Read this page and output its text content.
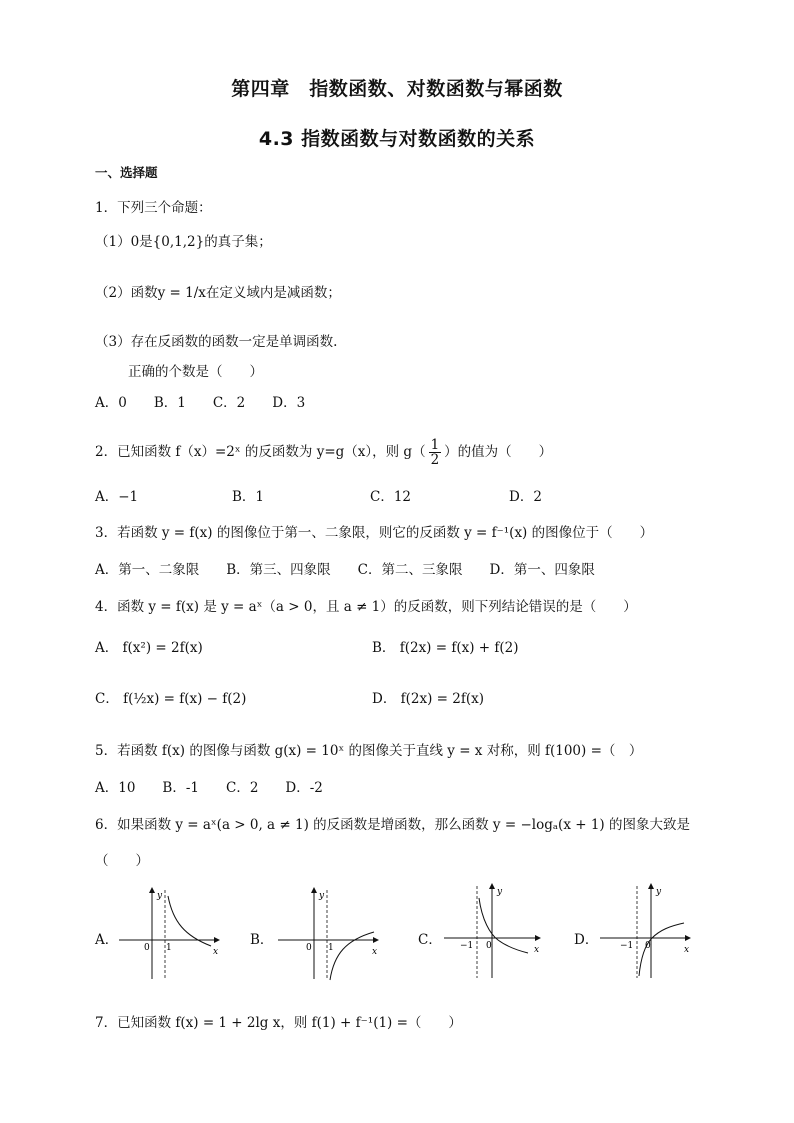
第四章　指数函数、对数函数与幂函数
4.3 指数函数与对数函数的关系
一、选择题
1．下列三个命题：
（1）0是{0,1,2}的真子集；
（2）函数y = 1/x在定义域内是减函数；
（3）存在反函数的函数一定是单调函数.
正确的个数是（　　）
A．0　　B．1　　C．2　　D．3
2．已知函数 f（x）=2ˣ 的反函数为 y=g（x），则 $g( \frac{1}{2}$ ）的值为（　　）
A．−1	B．1	C．12	D．2
3．若函数 y = f(x) 的图像位于第一、二象限，则它的反函数 y = f⁻¹(x) 的图像位于（　　）
A．第一、二象限　　B．第三、四象限　　C．第二、三象限　　D．第一、四象限
4．函数 y = f(x) 是 y = aˣ（a > 0，且 a ≠ 1）的反函数，则下列结论错误的是（　　）
A． f(x²) = 2f(x)	B． f(2x) = f(x) + f(2)
C． f(½x) = f(x) − f(2)	D． f(2x) = 2f(x)
5．若函数 f(x) 的图像与函数 g(x) = 10ˣ 的图像关于直线 y = x 对称，则 f(100) =（　）
A．10　　B．-1　　C．2　　D．-2
6．如果函数 y = aˣ(a > 0, a ≠ 1) 的反函数是增函数，那么函数 y = −logₐ(x + 1) 的图象大致是
（　　）
A．
y
x
0 1	B．
y
x
0 1	C．
y
x
0
−1	D．
y
x
0
−1
7．已知函数 f(x) = 1 + 2lg x，则 f(1) + f⁻¹(1) =（　　）
